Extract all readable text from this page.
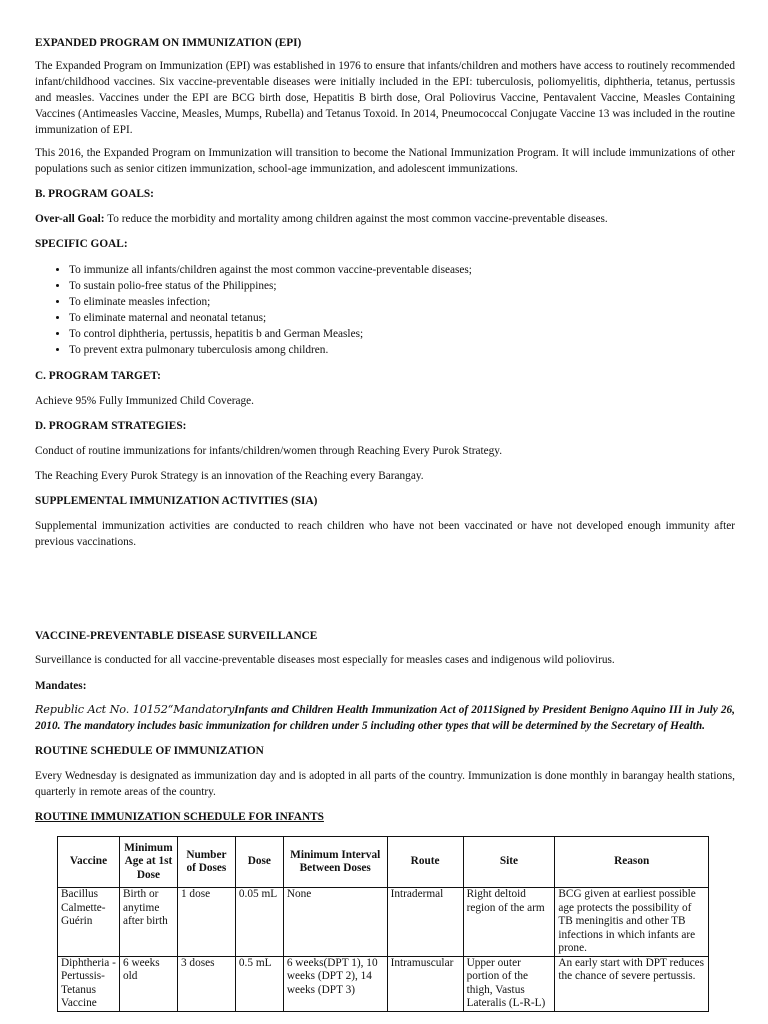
EXPANDED PROGRAM ON IMMUNIZATION (EPI)

The Expanded Program on Immunization (EPI) was established in 1976 to ensure that infants/children and mothers have access to routinely recommended infant/childhood vaccines. Six vaccine-preventable diseases were initially included in the EPI: tuberculosis, poliomyelitis, diphtheria, tetanus, pertussis and measles. Vaccines under the EPI are BCG birth dose, Hepatitis B birth dose, Oral Poliovirus Vaccine, Pentavalent Vaccine, Measles Containing Vaccines (Antimeasles Vaccine, Measles, Mumps, Rubella) and Tetanus Toxoid. In 2014, Pneumococcal Conjugate Vaccine 13 was included in the routine immunization of EPI.

This 2016, the Expanded Program on Immunization will transition to become the National Immunization Program. It will include immunizations of other populations such as senior citizen immunization, school-age immunization, and adolescent immunizations.

B. PROGRAM GOALS:

Over-all Goal: To reduce the morbidity and mortality among children against the most common vaccine-preventable diseases.

SPECIFIC GOAL:
• To immunize all infants/children against the most common vaccine-preventable diseases;
• To sustain polio-free status of the Philippines;
• To eliminate measles infection;
• To eliminate maternal and neonatal tetanus;
• To control diphtheria, pertussis, hepatitis b and German Measles;
• To prevent extra pulmonary tuberculosis among children.
C. PROGRAM TARGET:

Achieve 95% Fully Immunized Child Coverage.

D. PROGRAM STRATEGIES:

Conduct of routine immunizations for infants/children/women through Reaching Every Purok Strategy.

The Reaching Every Purok Strategy is an innovation of the Reaching every Barangay.

SUPPLEMENTAL IMMUNIZATION ACTIVITIES (SIA)

Supplemental immunization activities are conducted to reach children who have not been vaccinated or have not developed enough immunity after previous vaccinations.

VACCINE-PREVENTABLE DISEASE SURVEILLANCE

Surveillance is conducted for all vaccine-preventable diseases most especially for measles cases and indigenous wild poliovirus.

Mandates:

Republic Act No. 10152“MandatoryInfants and Children Health Immunization Act of 2011Signed by President Benigno Aquino III in July 26, 2010. The mandatory includes basic immunization for children under 5 including other types that will be determined by the Secretary of Health.

ROUTINE SCHEDULE OF IMMUNIZATION

Every Wednesday is designated as immunization day and is adopted in all parts of the country. Immunization is done monthly in barangay health stations, quarterly in remote areas of the country.

ROUTINE IMMUNIZATION SCHEDULE FOR INFANTS
Vaccine	Minimum Age at 1st Dose	Number of Doses	Dose	Minimum Interval Between Doses	Route	Site	Reason
Bacillus Calmette-Guérin	Birth or anytime after birth	1 dose	0.05 mL	None	Intradermal	Right deltoid region of the arm	BCG given at earliest possible age protects the possibility of TB meningitis and other TB infections in which infants are prone.
Diphtheria -Pertussis-Tetanus Vaccine	6 weeks old	3 doses	0.5 mL	6 weeks(DPT 1), 10 weeks (DPT 2), 14 weeks (DPT 3)	Intramuscular	Upper outer portion of the thigh, Vastus Lateralis (L-R-L)	An early start with DPT reduces the chance of severe pertussis.
